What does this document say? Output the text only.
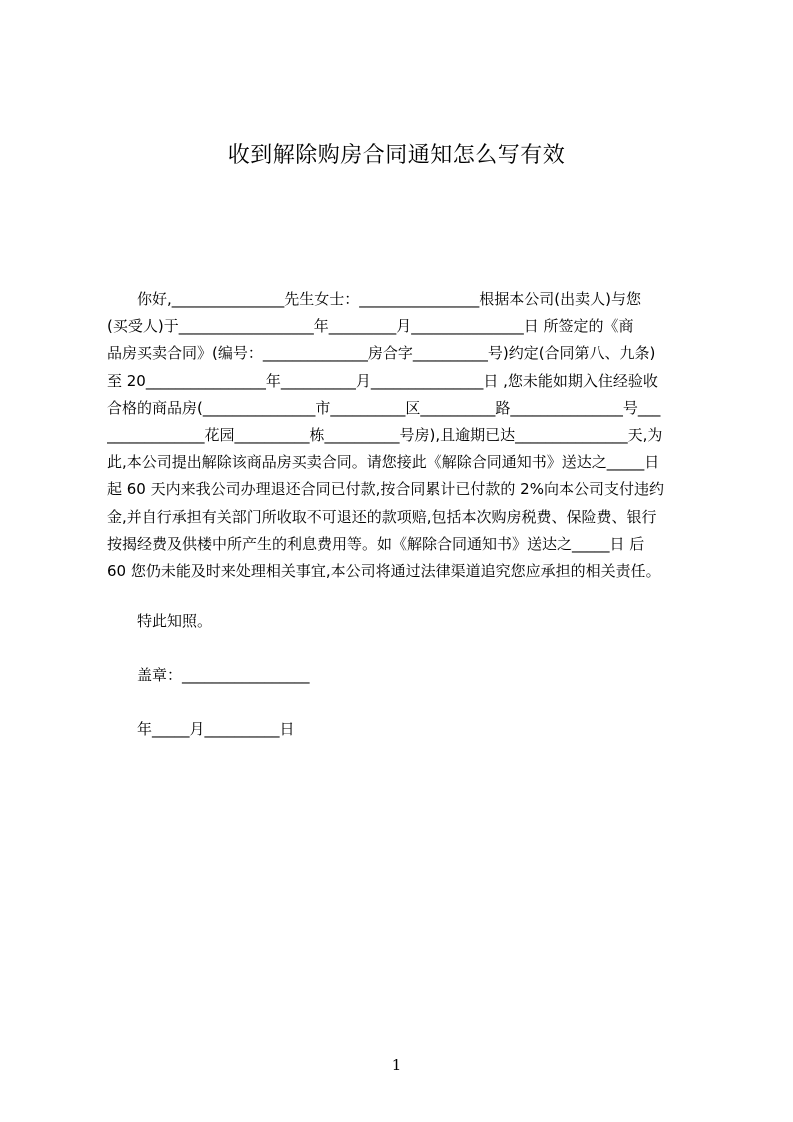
收到解除购房合同通知怎么写有效
　　你好,_______________先生女士：________________根据本公司(出卖人)与您
(买受人)于__________________年_________月_______________日 所签定的《商
品房买卖合同》(编号：______________房合字__________号)约定(合同第八、九条)
至 20________________年__________月_______________日 ,您未能如期入住经验收
合格的商品房(_______________市__________区__________路_______________号___
_____________花园__________栋__________号房),且逾期已达_______________天,为
此,本公司提出解除该商品房买卖合同。请您接此《解除合同通知书》送达之_____日
起 60 天内来我公司办理退还合同已付款,按合同累计已付款的 2%向本公司支付违约
金,并自行承担有关部门所收取不可退还的款项赔,包括本次购房税费、保险费、银行
按揭经费及供楼中所产生的利息费用等。如《解除合同通知书》送达之_____日 后
60 您仍未能及时来处理相关事宜,本公司将通过法律渠道追究您应承担的相关责任。
特此知照。
盖章：_________________
年_____月__________日
1
